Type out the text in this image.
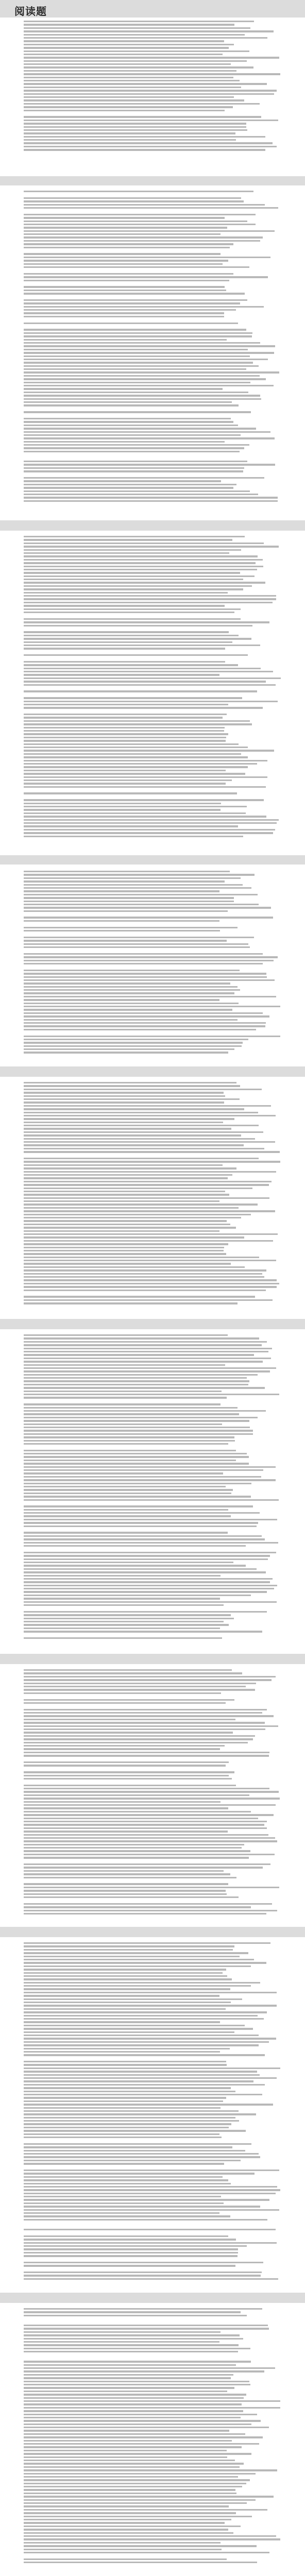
阅读题
